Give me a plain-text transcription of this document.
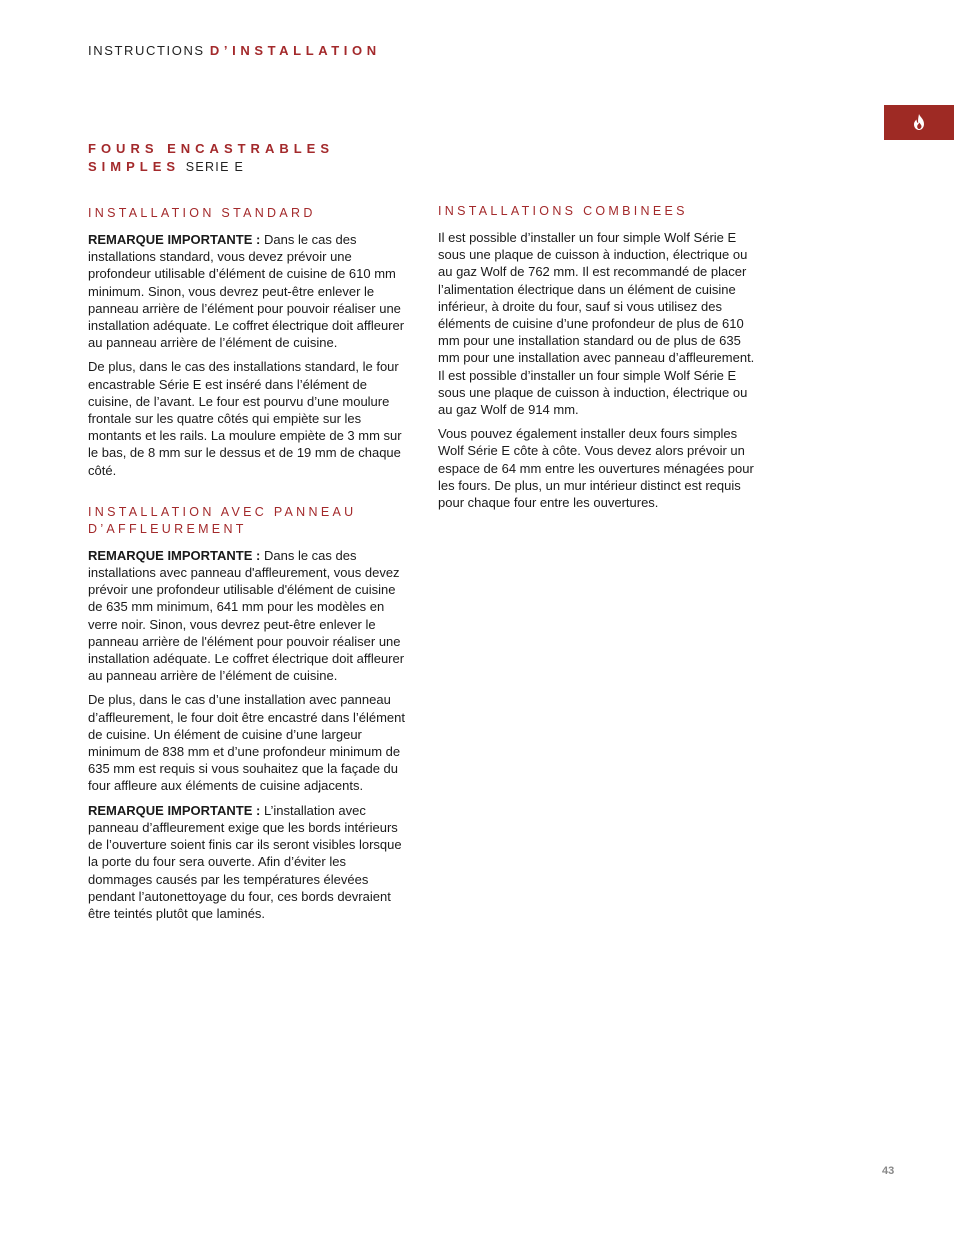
INSTRUCTIONS D’INSTALLATION
FOURS ENCASTRABLES
SIMPLES SERIE E
INSTALLATION STANDARD

REMARQUE IMPORTANTE : Dans le cas des installations standard, vous devez prévoir une profondeur utilisable d’élément de cuisine de 610 mm minimum. Sinon, vous devrez peut-être enlever le panneau arrière de l’élément pour pouvoir réaliser une installation adéquate. Le coffret électrique doit affleurer au panneau arrière de l’élément de cuisine.

De plus, dans le cas des installations standard, le four encastrable Série E est inséré dans l’élément de cuisine, de l’avant. Le four est pourvu d’une moulure frontale sur les quatre côtés qui empiète sur les montants et les rails. La moulure empiète de 3 mm sur le bas, de 8 mm sur le dessus et de 19 mm de chaque côté.

INSTALLATION AVEC PANNEAU D’AFFLEUREMENT

REMARQUE IMPORTANTE : Dans le cas des installations avec panneau d'affleurement, vous devez prévoir une profondeur utilisable d'élément de cuisine de 635 mm minimum, 641 mm pour les modèles en verre noir. Sinon, vous devrez peut-être enlever le panneau arrière de l'élément pour pouvoir réaliser une installation adéquate. Le coffret électrique doit affleurer au panneau arrière de l’élément de cuisine.

De plus, dans le cas d’une installation avec panneau d’affleurement, le four doit être encastré dans l’élément de cuisine. Un élément de cuisine d’une largeur minimum de 838 mm et d’une profondeur minimum de 635 mm est requis si vous souhaitez que la façade du four affleure aux éléments de cuisine adjacents.

REMARQUE IMPORTANTE : L’installation avec panneau d’affleurement exige que les bords intérieurs de l’ouverture soient finis car ils seront visibles lorsque la porte du four sera ouverte. Afin d’éviter les dommages causés par les températures élevées pendant l’autonettoyage du four, ces bords devraient être teintés plutôt que laminés.

INSTALLATIONS COMBINEES

Il est possible d’installer un four simple Wolf Série E sous une plaque de cuisson à induction, électrique ou au gaz Wolf de 762 mm. Il est recommandé de placer l’alimentation électrique dans un élément de cuisine inférieur, à droite du four, sauf si vous utilisez des éléments de cuisine d’une profondeur de plus de 610 mm pour une installation standard ou de plus de 635 mm pour une installation avec panneau d’affleurement. Il est possible d’installer un four simple Wolf Série E sous une plaque de cuisson à induction, électrique ou au gaz Wolf de 914 mm.

Vous pouvez également installer deux fours simples Wolf Série E côte à côte. Vous devez alors prévoir un espace de 64 mm entre les ouvertures ménagées pour les fours. De plus, un mur intérieur distinct est requis pour chaque four entre les ouvertures.

43
